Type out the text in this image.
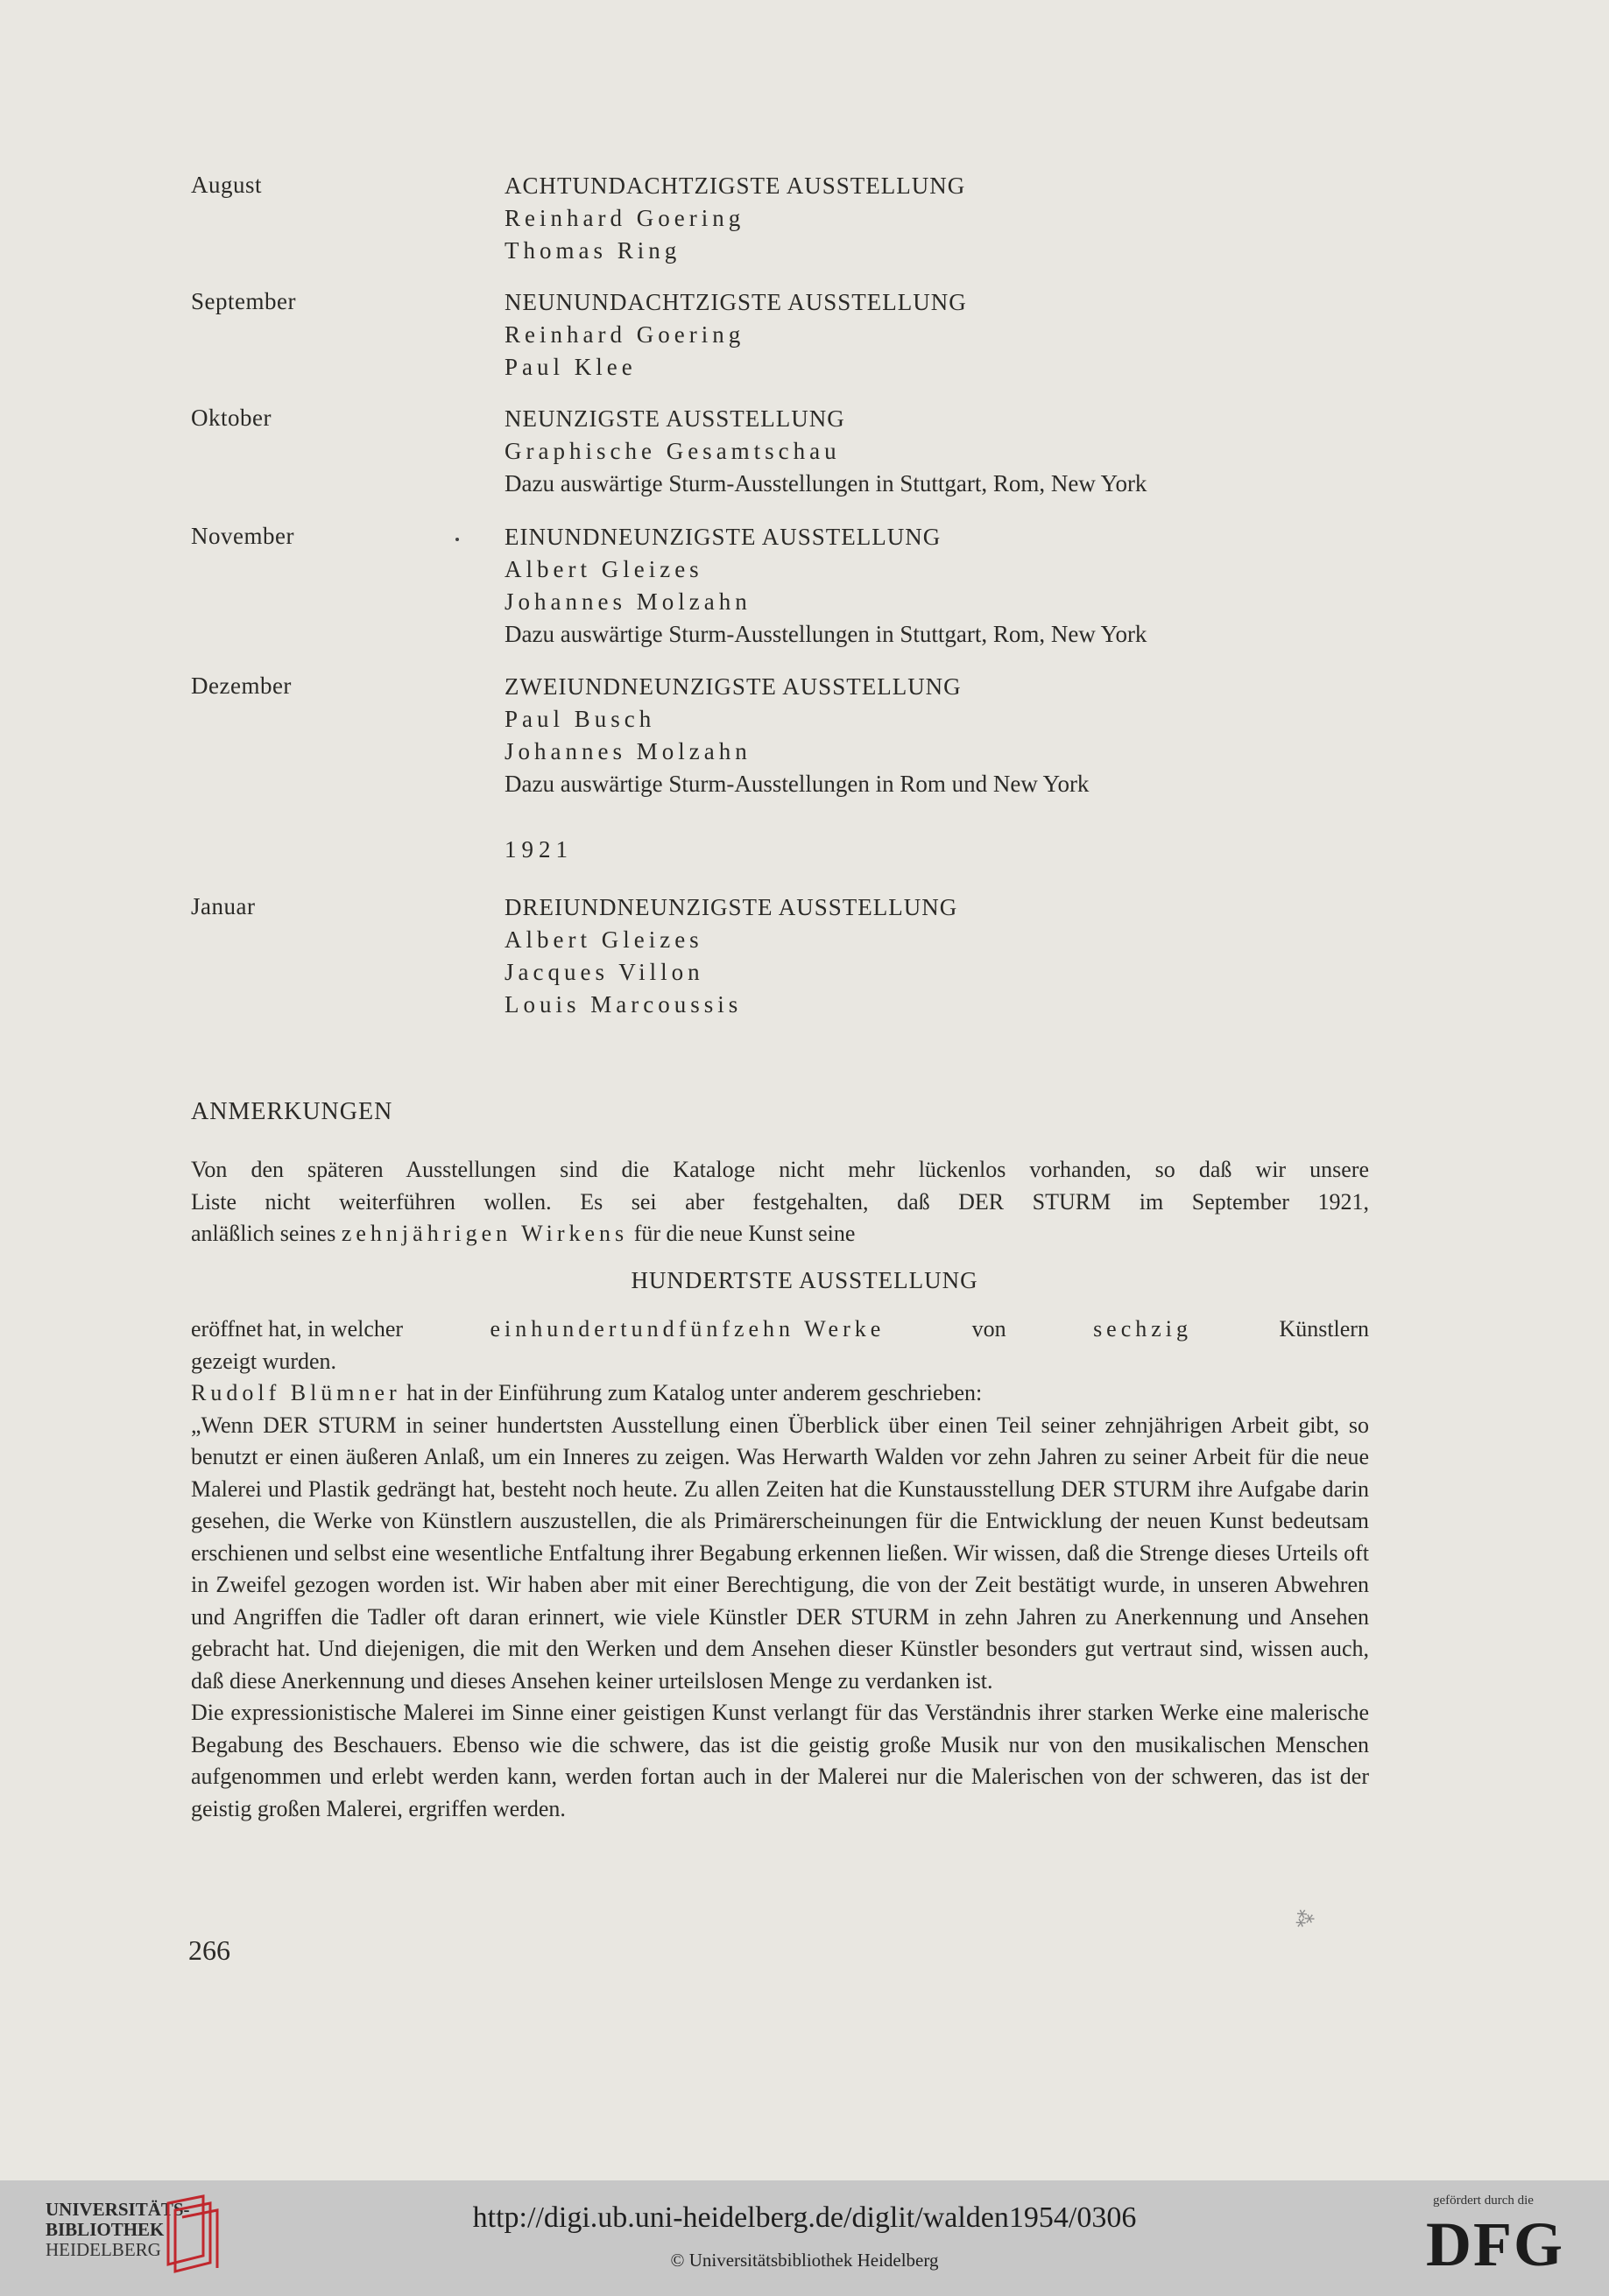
August	ACHTUNDACHTZIGSTE AUSSTELLUNG
Reinhard Goering
Thomas Ring
September	NEUNUNDACHTZIGSTE AUSSTELLUNG
Reinhard Goering
Paul Klee
Oktober	NEUNZIGSTE AUSSTELLUNG
Graphische Gesamtschau
Dazu auswärtige Sturm-Ausstellungen in Stuttgart, Rom, New York
November	EINUNDNEUNZIGSTE AUSSTELLUNG
Albert Gleizes
Johannes Molzahn
Dazu auswärtige Sturm-Ausstellungen in Stuttgart, Rom, New York
Dezember	ZWEIUNDNEUNZIGSTE AUSSTELLUNG
Paul Busch
Johannes Molzahn
Dazu auswärtige Sturm-Ausstellungen in Rom und New York
1921
Januar	DREIUNDNEUNZIGSTE AUSSTELLUNG
Albert Gleizes
Jacques Villon
Louis Marcoussis
ANMERKUNGEN
Von den späteren Ausstellungen sind die Kataloge nicht mehr lückenlos vorhanden, so daß wir unsere
Liste nicht weiterführen wollen. Es sei aber festgehalten, daß DER STURM im September 1921,
anläßlich seines zehnjährigen Wirkens für die neue Kunst seine
HUNDERTSTE AUSSTELLUNG
eröffnet hat, in welcher	einhundertundfünfzehn Werke	von	sechzig	Künstlern
gezeigt wurden.
Rudolf Blümner hat in der Einführung zum Katalog unter anderem geschrieben:
„Wenn DER STURM in seiner hundertsten Ausstellung einen Überblick über einen Teil seiner zehnjährigen Arbeit gibt, so benutzt er einen äußeren Anlaß, um ein Inneres zu zeigen. Was Herwarth Walden vor zehn Jahren zu seiner Arbeit für die neue Malerei und Plastik gedrängt hat, besteht noch heute. Zu allen Zeiten hat die Kunstausstellung DER STURM ihre Aufgabe darin gesehen, die Werke von Künstlern auszustellen, die als Primärerscheinungen für die Entwicklung der neuen Kunst bedeutsam erschienen und selbst eine wesentliche Entfaltung ihrer Begabung erkennen ließen. Wir wissen, daß die Strenge dieses Urteils oft in Zweifel gezogen worden ist. Wir haben aber mit einer Berechtigung, die von der Zeit bestätigt wurde, in unseren Abwehren und Angriffen die Tadler oft daran erinnert, wie viele Künstler DER STURM in zehn Jahren zu Anerkennung und Ansehen gebracht hat. Und diejenigen, die mit den Werken und dem Ansehen dieser Künstler besonders gut vertraut sind, wissen auch, daß diese Anerkennung und dieses Ansehen keiner urteilslosen Menge zu verdanken ist.
Die expressionistische Malerei im Sinne einer geistigen Kunst verlangt für das Verständnis ihrer starken Werke eine malerische Begabung des Beschauers. Ebenso wie die schwere, das ist die geistig große Musik nur von den musikalischen Menschen aufgenommen und erlebt werden kann, werden fortan auch in der Malerei nur die Malerischen von der schweren, das ist der geistig großen Malerei, ergriffen werden.
⁂
266
UNIVERSITÄTS-
BIBLIOTHEK
HEIDELBERG
http://digi.ub.uni-heidelberg.de/diglit/walden1954/0306
© Universitätsbibliothek Heidelberg
gefördert durch die
DFG
